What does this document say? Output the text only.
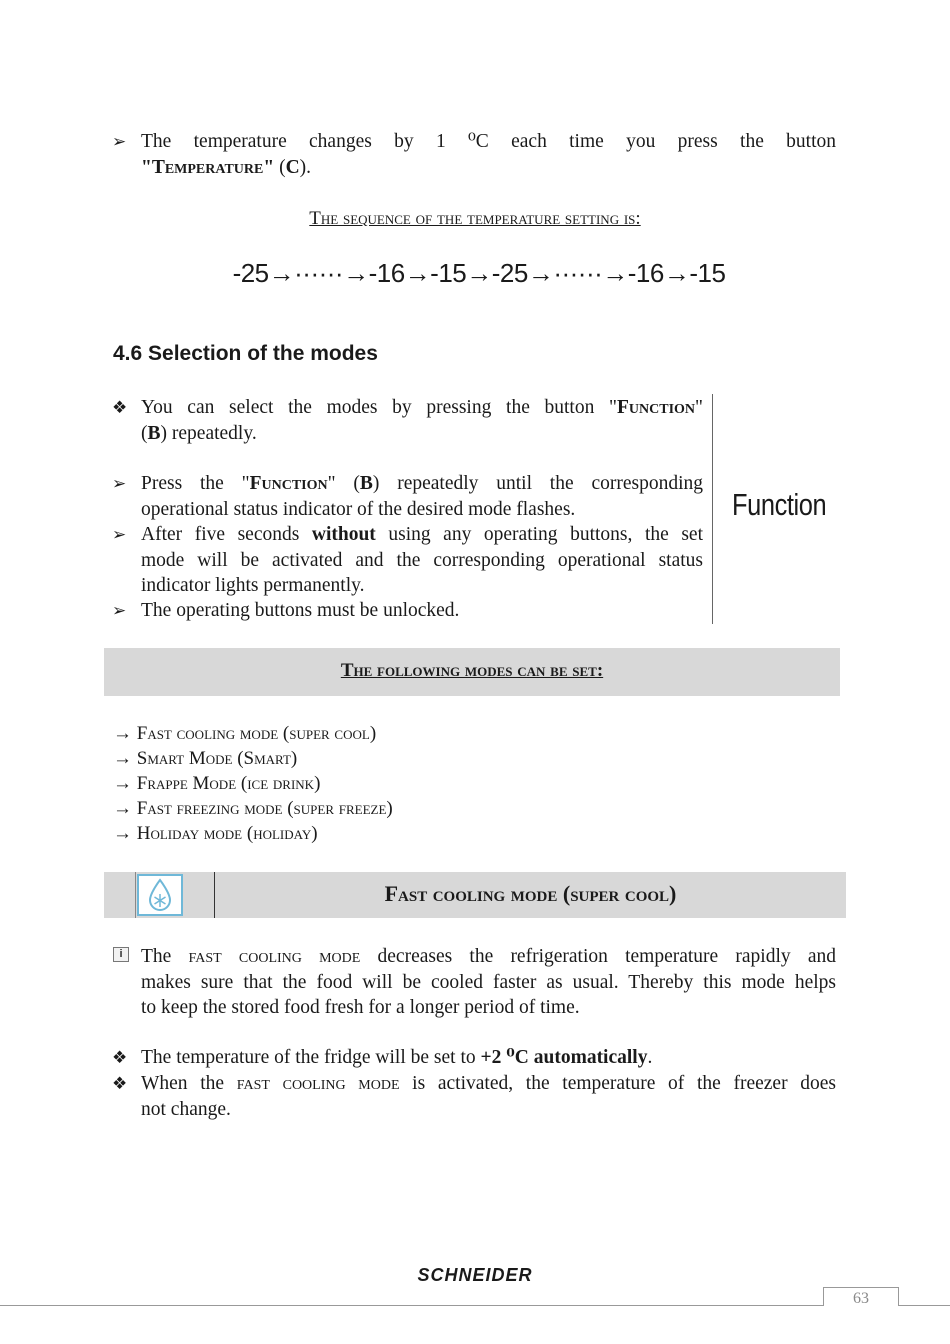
➢ The temperature changes by 1 ⁰C each time you press the button
"Temperature" (C).
The sequence of the temperature setting is:
-25→······→-16→-15→-25→······→-16→-15
4.6 Selection of the modes
❖ You can select the modes by pressing the button "Function"
(B) repeatedly.
➢ Press the "Function" (B) repeatedly until the corresponding
operational status indicator of the desired mode flashes.
➢ After five seconds without using any operating buttons, the set
mode will be activated and the corresponding operational status
indicator lights permanently.
➢ The operating buttons must be unlocked.
Function
The following modes can be set:
→ Fast cooling mode (super cool)
→ Smart Mode (Smart)
→ Frappe Mode (ice drink)
→ Fast freezing mode (super freeze)
→ Holiday mode (holiday)
Fast cooling mode (super cool)
i The fast cooling mode decreases the refrigeration temperature rapidly and
makes sure that the food will be cooled faster as usual. Thereby this mode helps
to keep the stored food fresh for a longer period of time.
❖ The temperature of the fridge will be set to +2 ⁰C automatically.
❖ When the fast cooling mode is activated, the temperature of the freezer does
not change.
SCHNEIDER
63
